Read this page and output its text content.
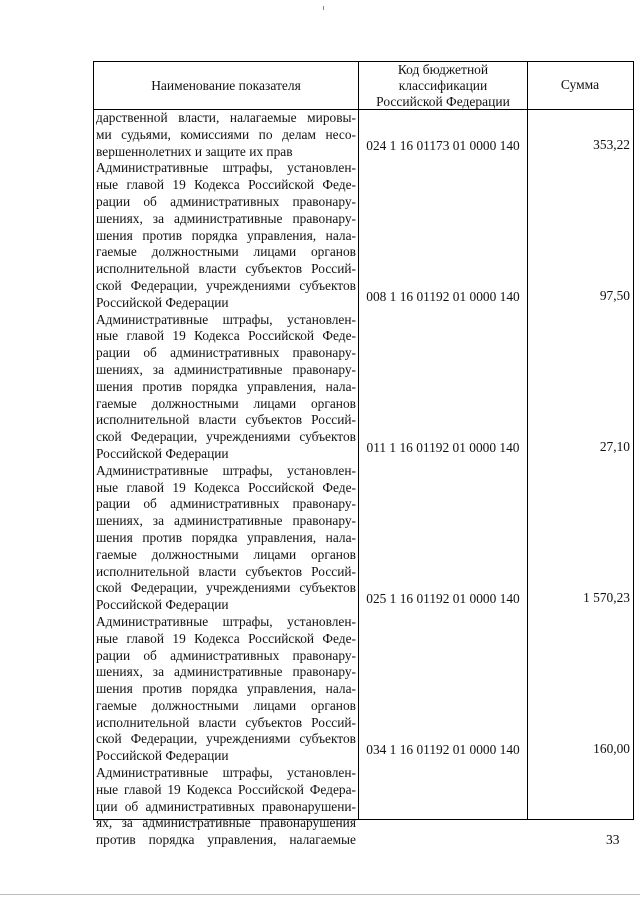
Наименование показателя
Код бюджетной
классификации
Российской Федерации
дарственной власти, налагаемые мировы-
ми судьями, комиссиями по делам несо-
вершеннолетних и защите их прав
Административные штрафы, установлен-
ные главой 19 Кодекса Российской Феде-
рации об административных правонару-
шениях, за административные правонару-
шения против порядка управления, нала-
гаемые должностными лицами органов
исполнительной власти субъектов Россий-
ской Федерации, учреждениями субъектов
Российской Федерации
Административные штрафы, установлен-
ные главой 19 Кодекса Российской Феде-
рации об административных правонару-
шениях, за административные правонару-
шения против порядка управления, нала-
гаемые должностными лицами органов
исполнительной власти субъектов Россий-
ской Федерации, учреждениями субъектов
Российской Федерации
Административные штрафы, установлен-
ные главой 19 Кодекса Российской Феде-
рации об административных правонару-
шениях, за административные правонару-
шения против порядка управления, нала-
гаемые должностными лицами органов
исполнительной власти субъектов Россий-
ской Федерации, учреждениями субъектов
Российской Федерации
Административные штрафы, установлен-
ные главой 19 Кодекса Российской Феде-
рации об административных правонару-
шениях, за административные правонару-
шения против порядка управления, нала-
гаемые должностными лицами органов
исполнительной власти субъектов Россий-
ской Федерации, учреждениями субъектов
Российской Федерации
Административные штрафы, установлен-
ные главой 19 Кодекса Российской Федера-
ции об административных правонарушени-
ях, за административные правонарушения
против порядка управления, налагаемые
024 1 16 01173 01 0000 140
008 1 16 01192 01 0000 140
011 1 16 01192 01 0000 140
025 1 16 01192 01 0000 140
034 1 16 01192 01 0000 140
353,22
97,50
27,10
1 570,23
160,00
Сумма
33
